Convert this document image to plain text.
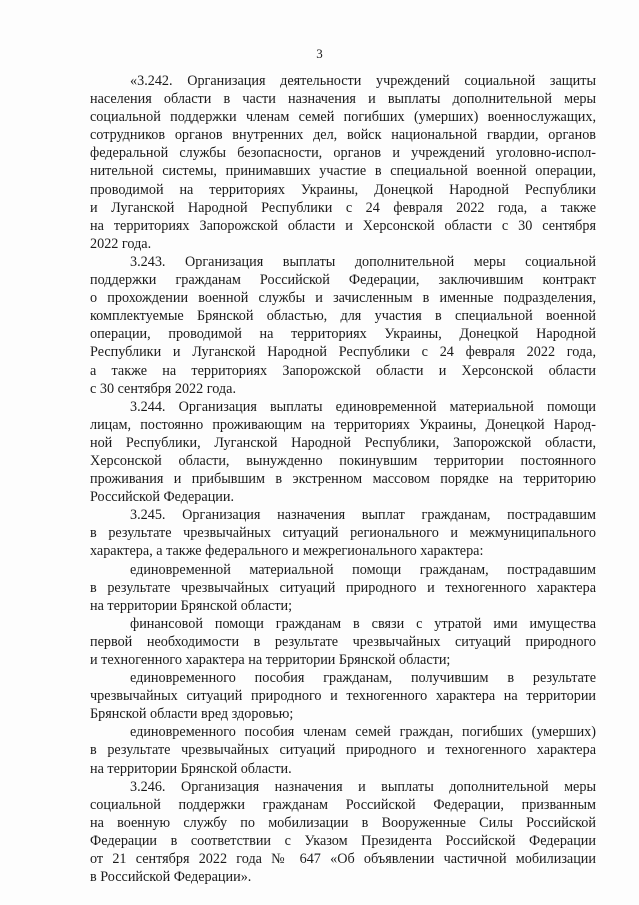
3
«3.242. Организация деятельности учреждений социальной защиты
населения области в части назначения и выплаты дополнительной меры
социальной поддержки членам семей погибших (умерших) военнослужащих,
сотрудников органов внутренних дел, войск национальной гвардии, органов
федеральной службы безопасности, органов и учреждений уголовно-испол-
нительной системы, принимавших участие в специальной военной операции,
проводимой на территориях Украины, Донецкой Народной Республики
и Луганской Народной Республики с 24 февраля 2022 года, а также
на территориях Запорожской области и Херсонской области с 30 сентября
2022 года.
3.243. Организация выплаты дополнительной меры социальной
поддержки гражданам Российской Федерации, заключившим контракт
о прохождении военной службы и зачисленным в именные подразделения,
комплектуемые Брянской областью, для участия в специальной военной
операции, проводимой на территориях Украины, Донецкой Народной
Республики и Луганской Народной Республики с 24 февраля 2022 года,
а также на территориях Запорожской области и Херсонской области
с 30 сентября 2022 года.
3.244. Организация выплаты единовременной материальной помощи
лицам, постоянно проживающим на территориях Украины, Донецкой Народ-
ной Республики, Луганской Народной Республики, Запорожской области,
Херсонской области, вынужденно покинувшим территории постоянного
проживания и прибывшим в экстренном массовом порядке на территорию
Российской Федерации.
3.245. Организация назначения выплат гражданам, пострадавшим
в результате чрезвычайных ситуаций регионального и межмуниципального
характера, а также федерального и межрегионального характера:
единовременной материальной помощи гражданам, пострадавшим
в результате чрезвычайных ситуаций природного и техногенного характера
на территории Брянской области;
финансовой помощи гражданам в связи с утратой ими имущества
первой необходимости в результате чрезвычайных ситуаций природного
и техногенного характера на территории Брянской области;
единовременного пособия гражданам, получившим в результате
чрезвычайных ситуаций природного и техногенного характера на территории
Брянской области вред здоровью;
единовременного пособия членам семей граждан, погибших (умерших)
в результате чрезвычайных ситуаций природного и техногенного характера
на территории Брянской области.
3.246. Организация назначения и выплаты дополнительной меры
социальной поддержки гражданам Российской Федерации, призванным
на военную службу по мобилизации в Вооруженные Силы Российской
Федерации в соответствии с Указом Президента Российской Федерации
от 21 сентября 2022 года № 647 «Об объявлении частичной мобилизации
в Российской Федерации».
